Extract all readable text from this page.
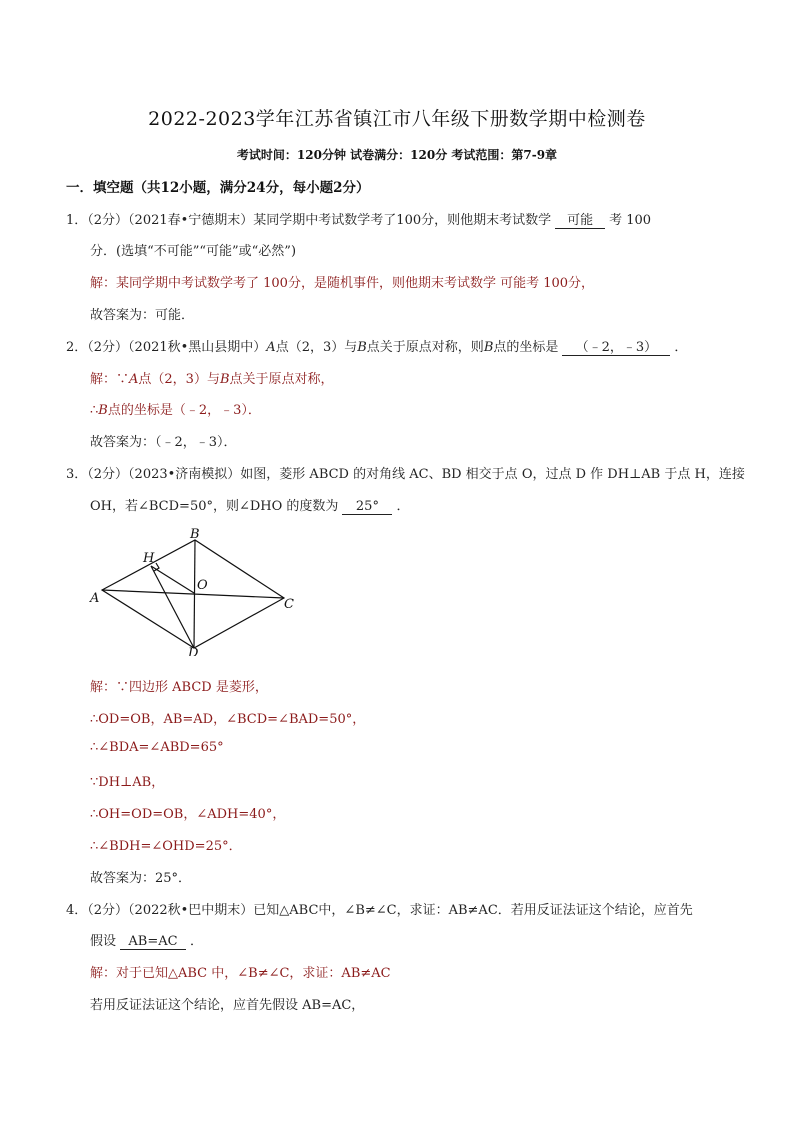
2022-2023学年江苏省镇江市八年级下册数学期中检测卷
考试时间：120分钟 试卷满分：120分 考试范围：第7-9章
一．填空题（共12小题，满分24分，每小题2分）
1．（2分）（2021春•宁德期末）某同学期中考试数学考了100分，则他期末考试数学 可能 考 100
分．(选填“不可能”“可能”或“必然”)
解：某同学期中考试数学考了 100分，是随机事件，则他期末考试数学 可能考 100分，
故答案为：可能．
2．（2分）（2021秋•黑山县期中）A点（2，3）与B点关于原点对称，则B点的坐标是 （﹣2，﹣3） ．
解：∵A点（2，3）与B点关于原点对称，
∴B点的坐标是（﹣2，﹣3）．
故答案为：（﹣2，﹣3）．
3．（2分）（2023•济南模拟）如图，菱形 ABCD 的对角线 AC、BD 相交于点 O，过点 D 作 DH⊥AB 于点 H，连接
OH，若∠BCD=50°，则∠DHO 的度数为 25° ．
A
B
C
D
H
O
解：∵四边形 ABCD 是菱形，
∴OD=OB，AB=AD，∠BCD=∠BAD=50°，
∴∠BDA=∠ABD=65°
∵DH⊥AB，
∴OH=OD=OB，∠ADH=40°，
∴∠BDH=∠OHD=25°．
故答案为：25°．
4．（2分）（2022秋•巴中期末）已知△ABC中，∠B≠∠C，求证：AB≠AC．若用反证法证这个结论，应首先
假设 AB=AC ．
解：对于已知△ABC 中，∠B≠∠C，求证：AB≠AC
若用反证法证这个结论，应首先假设 AB=AC，
